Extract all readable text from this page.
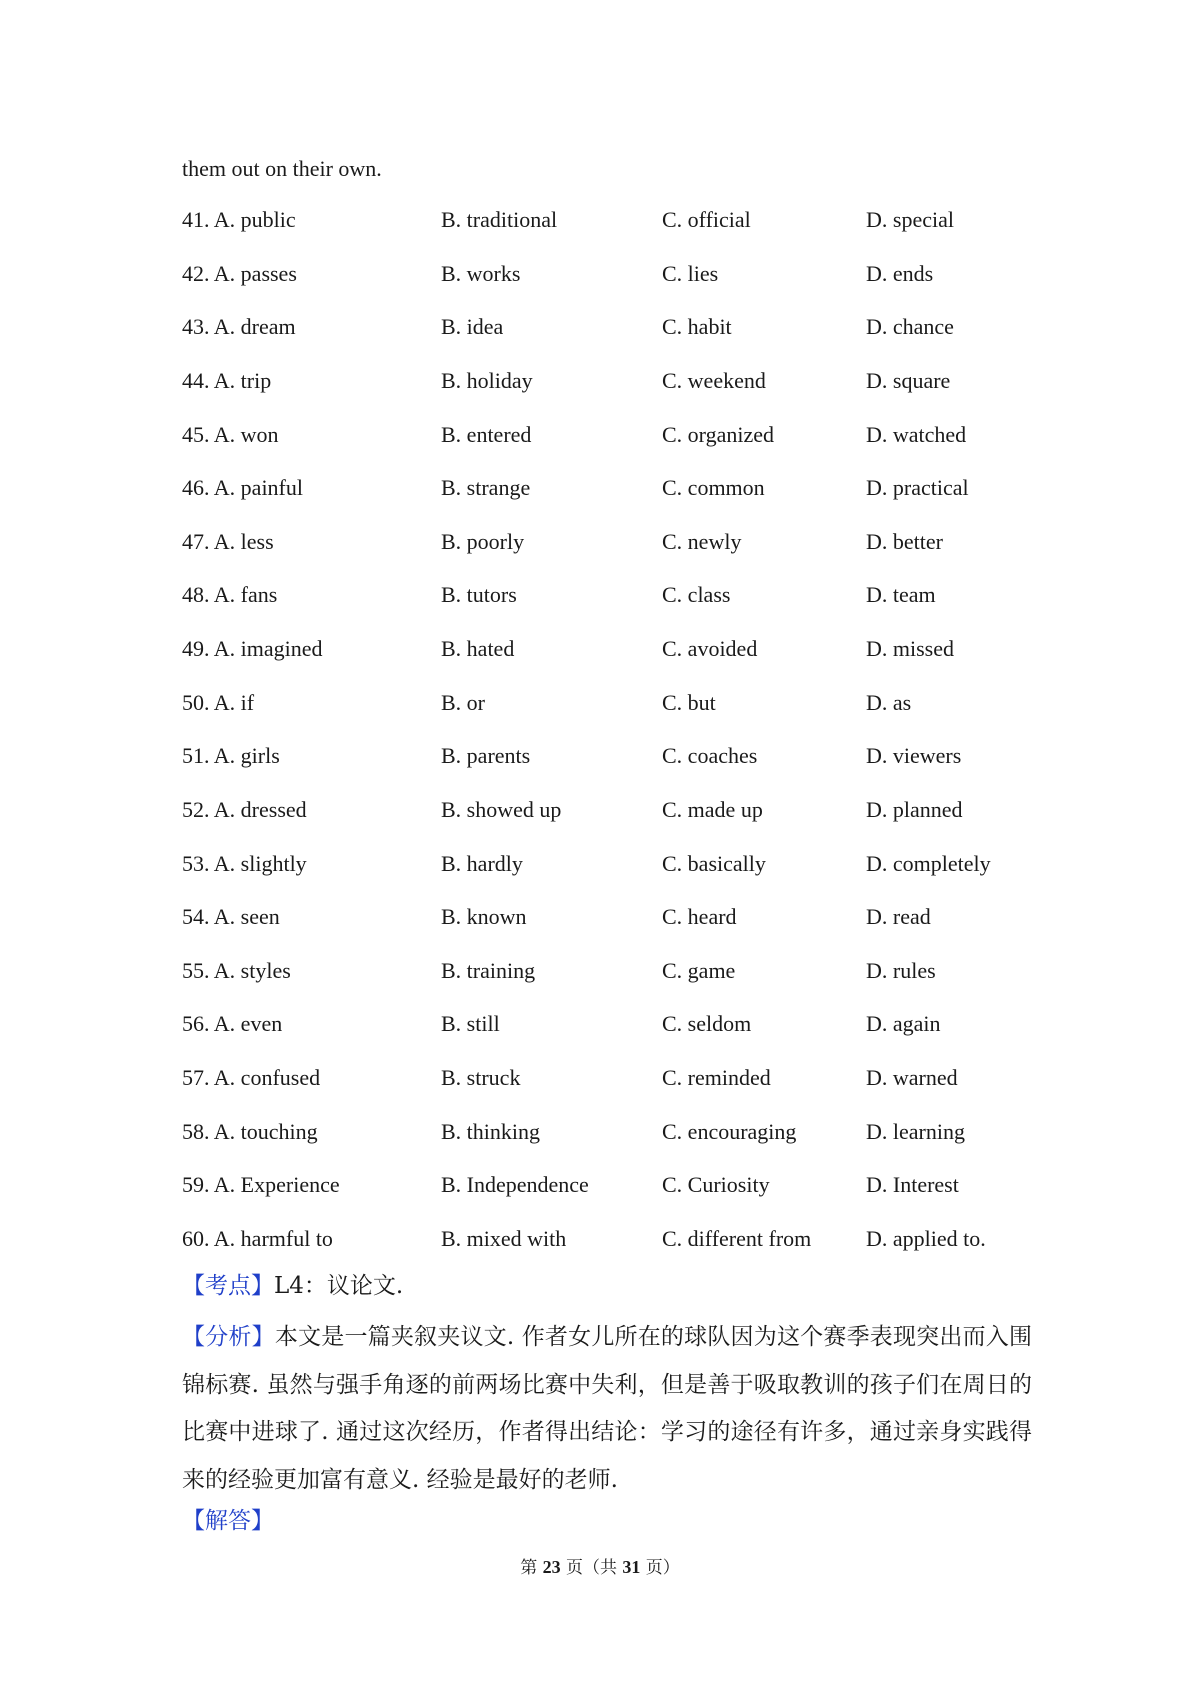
them out on their own.
41. A. public	B. traditional	C. official	D. special
42. A. passes	B. works	C. lies	D. ends
43. A. dream	B. idea	C. habit	D. chance
44. A. trip	B. holiday	C. weekend	D. square
45. A. won	B. entered	C. organized	D. watched
46. A. painful	B. strange	C. common	D. practical
47. A. less	B. poorly	C. newly	D. better
48. A. fans	B. tutors	C. class	D. team
49. A. imagined	B. hated	C. avoided	D. missed
50. A. if	B. or	C. but	D. as
51. A. girls	B. parents	C. coaches	D. viewers
52. A. dressed	B. showed up	C. made up	D. planned
53. A. slightly	B. hardly	C. basically	D. completely
54. A. seen	B. known	C. heard	D. read
55. A. styles	B. training	C. game	D. rules
56. A. even	B. still	C. seldom	D. again
57. A. confused	B. struck	C. reminded	D. warned
58. A. touching	B. thinking	C. encouraging	D. learning
59. A. Experience	B. Independence	C. Curiosity	D. Interest
60. A. harmful to	B. mixed with	C. different from D. applied to.
【考点】L4：议论文.
【分析】本文是一篇夹叙夹议文. 作者女儿所在的球队因为这个赛季表现突出而入围锦标赛. 虽然与强手角逐的前两场比赛中失利，但是善于吸取教训的孩子们在周日的比赛中进球了. 通过这次经历，作者得出结论：学习的途径有许多，通过亲身实践得来的经验更加富有意义. 经验是最好的老师.
【解答】
第 23 页（共 31 页）
